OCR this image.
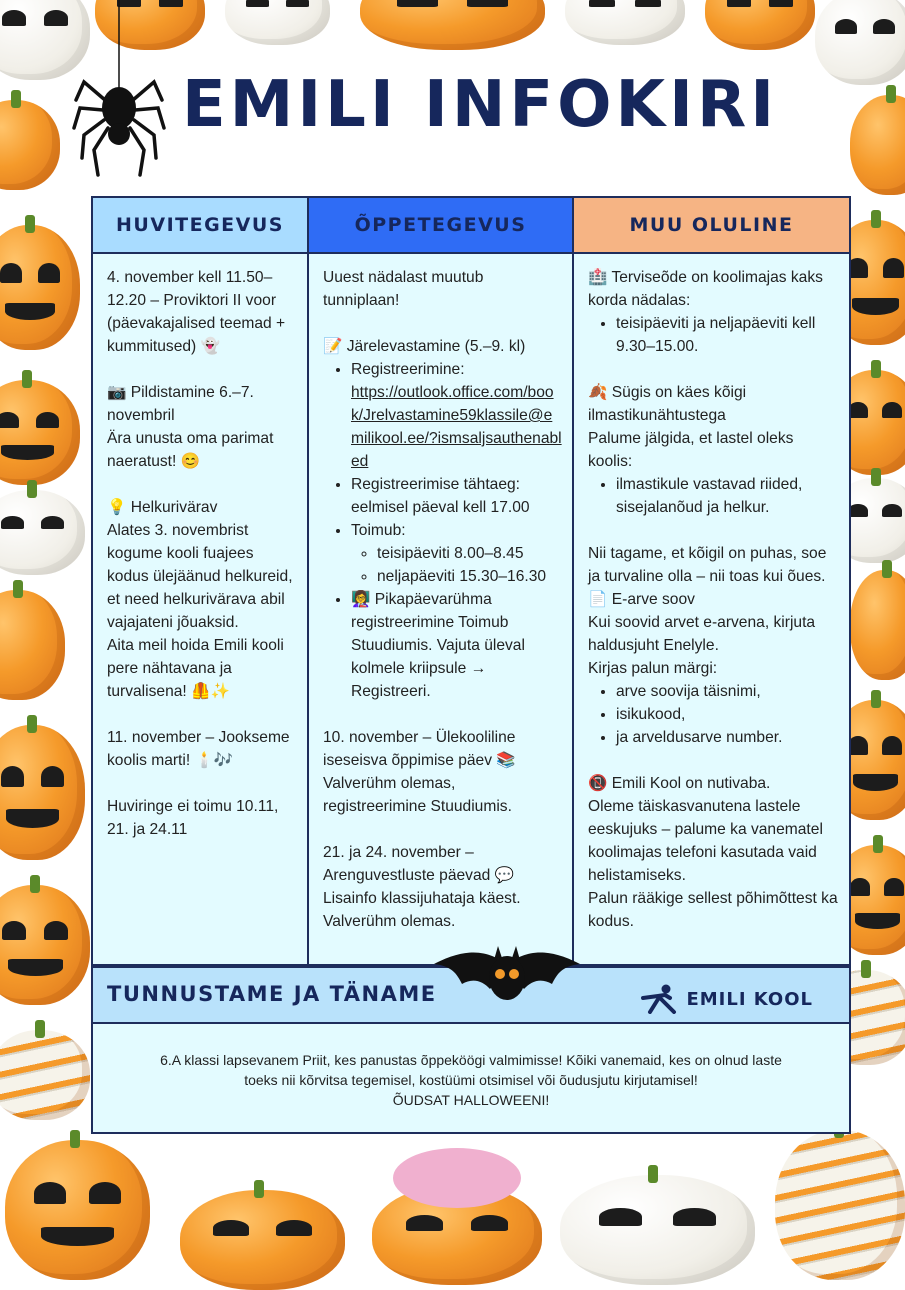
EMILI INFOKIRI
HUVITEGEVUS

4. november kell 11.50–12.20 – Proviktori II voor (päevakajalised teemad + kummitused) 👻

📷 Pildistamine 6.–7. novembril

Ära unusta oma parimat naeratust! 😊

💡 Helkurivärav

Alates 3. novembrist kogume kooli fuajees kodus ülejäänud helkureid, et need helkurivärava abil vajajateni jõuaksid.

Aita meil hoida Emili kooli pere nähtavana ja turvalisena! 🦺✨

11. november – Jookseme koolis marti! 🕯️🎶

Huviringe ei toimu 10.11, 21. ja 24.11

ÕPPETEGEVUS

Uuest nädalast muutub tunniplaan!

📝 Järelevastamine (5.–9. kl)
• Registreerimine:
https://outlook.office.com/book/Jrelvastamine59klassile@emilikool.ee/?ismsaljsauthenabled
• Registreerimise tähtaeg:
eelmisel päeval kell 17.00
• Toimub:
◦ teisipäeviti 8.00–8.45
◦ neljapäeviti 15.30–16.30
• 👩‍🏫 Pikapäevarühma registreerimine Toimub Stuudiumis. Vajuta üleval kolmele kriipsule → Registreeri.

10. november – Ülekooliline iseseisva õppimise päev 📚

Valverühm olemas, registreerimine Stuudiumis.

21. ja 24. november – Arenguvestluste päevad 💬

Lisainfo klassijuhataja käest. Valverühm olemas.

MUU OLULINE
🏥 Terviseõde on koolimajas kaks korda nädalas:
• teisipäeviti ja neljapäeviti kell 9.30–15.00.
🍂 Sügis on käes kõigi ilmastikunähtustega
Palume jälgida, et lastel oleks koolis:
• ilmastikule vastavad riided, sisejalanõud ja helkur.
Nii tagame, et kõigil on puhas, soe ja turvaline olla – nii toas kui õues.
📄 E-arve soov
Kui soovid arvet e-arvena, kirjuta haldusjuht Enelyle.
Kirjas palun märgi:
• arve soovija täisnimi,
• isikukood,
• ja arveldusarve number.
📵 Emili Kool on nutivaba.
Oleme täiskasvanutena lastele eeskujuks – palume ka vanematel koolimajas telefoni kasutada vaid helistamiseks.
Palun rääkige sellest põhimõttest ka kodus.
TUNNUSTAME JA TÄNAME	EMILI KOOL
6.A klassi lapsevanem Priit, kes panustas õppeköögi valmimisse! Kõiki vanemaid, kes on olnud laste
toeks nii kõrvitsa tegemisel, kostüümi otsimisel või õudusjutu kirjutamisel!
ÕUDSAT HALLOWEENI!
